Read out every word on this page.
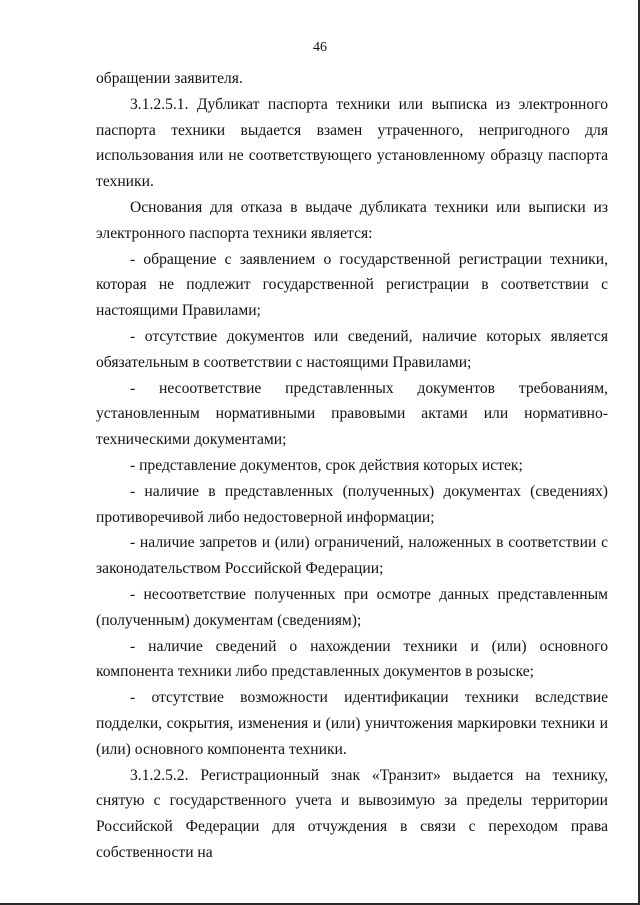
46

обращении заявителя.

3.1.2.5.1. Дубликат паспорта техники или выписка из электронного паспорта техники выдается взамен утраченного, непригодного для использования или не соответствующего установленному образцу паспорта техники.

Основания для отказа в выдаче дубликата техники или выписки из электронного паспорта техники является:

- обращение с заявлением о государственной регистрации техники, которая не подлежит государственной регистрации в соответствии с настоящими Правилами;

- отсутствие документов или сведений, наличие которых является обязательным в соответствии с настоящими Правилами;

- несоответствие представленных документов требованиям, установленным нормативными правовыми актами или нормативно-техническими документами;

- представление документов, срок действия которых истек;

- наличие в представленных (полученных) документах (сведениях) противоречивой либо недостоверной информации;

- наличие запретов и (или) ограничений, наложенных в соответствии с законодательством Российской Федерации;

- несоответствие полученных при осмотре данных представленным (полученным) документам (сведениям);

- наличие сведений о нахождении техники и (или) основного компонента техники либо представленных документов в розыске;

- отсутствие возможности идентификации техники вследствие подделки, сокрытия, изменения и (или) уничтожения маркировки техники и (или) основного компонента техники.

3.1.2.5.2. Регистрационный знак «Транзит» выдается на технику, снятую с государственного учета и вывозимую за пределы территории Российской Федерации для отчуждения в связи с переходом права собственности на
